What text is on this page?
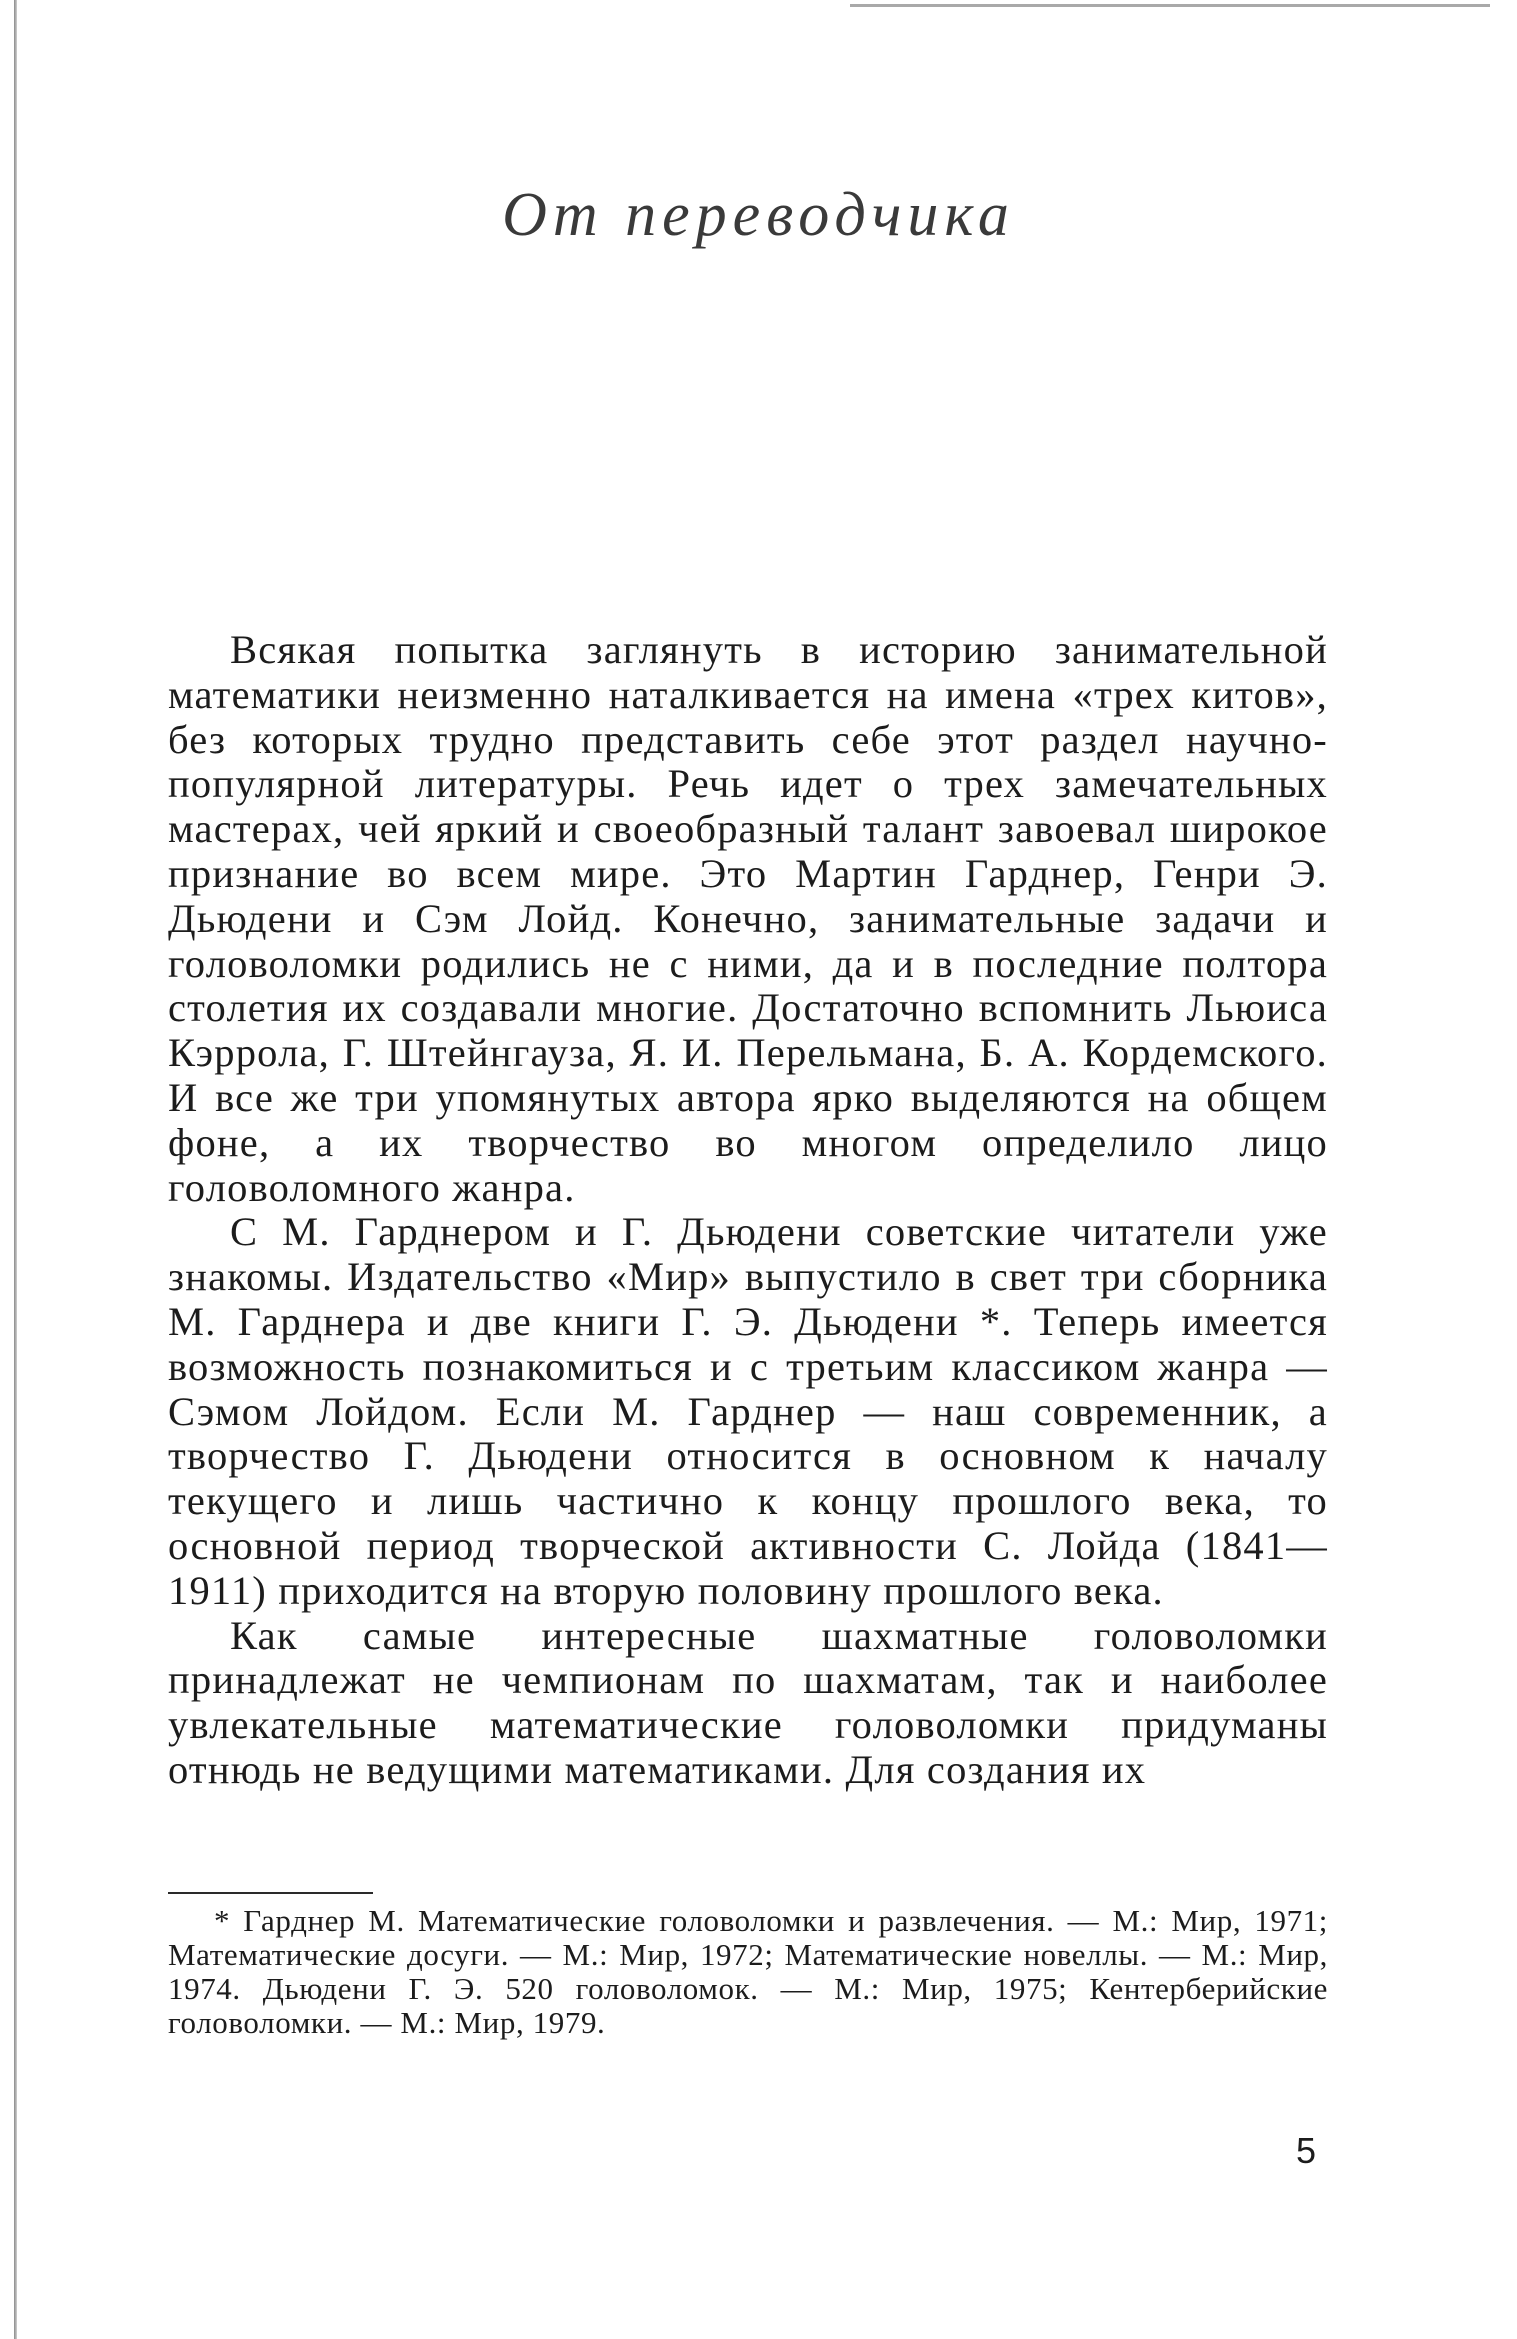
От переводчика

Всякая попытка заглянуть в историю занимательной математики неизменно наталкивается на имена «трех китов», без которых трудно представить себе этот раздел научно-популярной литературы. Речь идет о трех замечательных мастерах, чей яркий и своеобразный талант завоевал широкое признание во всем мире. Это Мартин Гарднер, Генри Э. Дьюдени и Сэм Лойд. Конечно, занимательные задачи и головоломки родились не с ними, да и в последние полтора столетия их создавали многие. Достаточно вспомнить Льюиса Кэррола, Г. Штейнгауза, Я. И. Перельмана, Б. А. Кордемского. И все же три упомянутых автора ярко выделяются на общем фоне, а их творчество во многом определило лицо головоломного жанра.

С М. Гарднером и Г. Дьюдени советские читатели уже знакомы. Издательство «Мир» выпустило в свет три сборника М. Гарднера и две книги Г. Э. Дьюдени *. Теперь имеется возможность познакомиться и с третьим классиком жанра — Сэмом Лойдом. Если М. Гарднер — наш современник, а творчество Г. Дьюдени относится в основном к началу текущего и лишь частично к концу прошлого века, то основной период творческой активности С. Лойда (1841—1911) приходится на вторую половину прошлого века.

Как самые интересные шахматные головоломки принадлежат не чемпионам по шахматам, так и наиболее увлекательные математические головоломки придуманы отнюдь не ведущими математиками. Для создания их

* Гарднер М. Математические головоломки и развлечения. — М.: Мир, 1971; Математические досуги. — М.: Мир, 1972; Математические новеллы. — М.: Мир, 1974. Дьюдени Г. Э. 520 головоломок. — М.: Мир, 1975; Кентерберийские головоломки. — М.: Мир, 1979.
5
